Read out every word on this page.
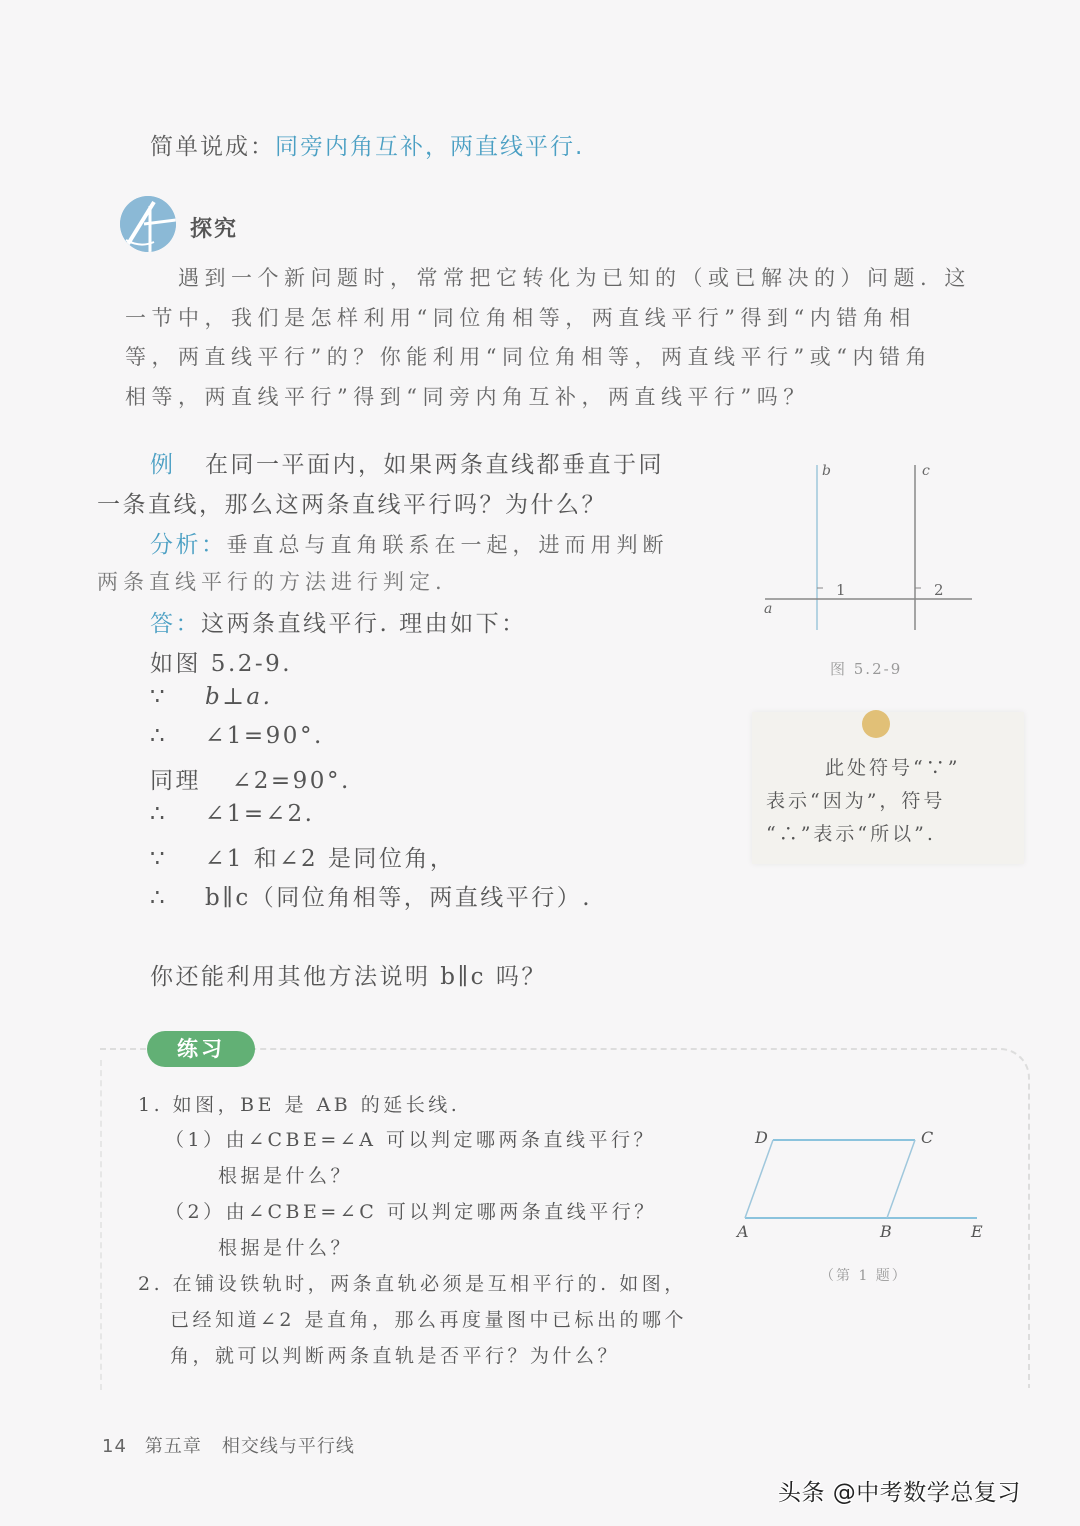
简单说成：同旁内角互补，两直线平行.
探究
遇到一个新问题时，常常把它转化为已知的（或已解决的）问题. 这
一节中，我们是怎样利用“同位角相等，两直线平行”得到“内错角相
等，两直线平行”的？你能利用“同位角相等，两直线平行”或“内错角
相等，两直线平行”得到“同旁内角互补，两直线平行”吗？
例 在同一平面内，如果两条直线都垂直于同
一条直线，那么这两条直线平行吗？为什么？
分析：垂直总与直角联系在一起，进而用判断
两条直线平行的方法进行判定.
答：这两条直线平行. 理由如下：
如图 5.2-9.
∵ b⊥a.
∴ ∠1=90°.
同理 ∠2=90°.
∴ ∠1=∠2.
∵ ∠1 和∠2 是同位角，
∴ b∥c（同位角相等，两直线平行）.
你还能利用其他方法说明 b∥c 吗？
b	c
a
1	2
图 5.2-9
此处符号“∵”
表示“因为”，符号
“∴”表示“所以”.
练习
1. 如图，BE 是 AB 的延长线.
（1）由∠CBE=∠A 可以判定哪两条直线平行？
根据是什么？
（2）由∠CBE=∠C 可以判定哪两条直线平行？
根据是什么？
2. 在铺设铁轨时，两条直轨必须是互相平行的. 如图，
已经知道∠2 是直角，那么再度量图中已标出的哪个
角，就可以判断两条直轨是否平行？为什么？
D	C
A	B	E
（第 1 题）
14 第五章 相交线与平行线
头条 @中考数学总复习
